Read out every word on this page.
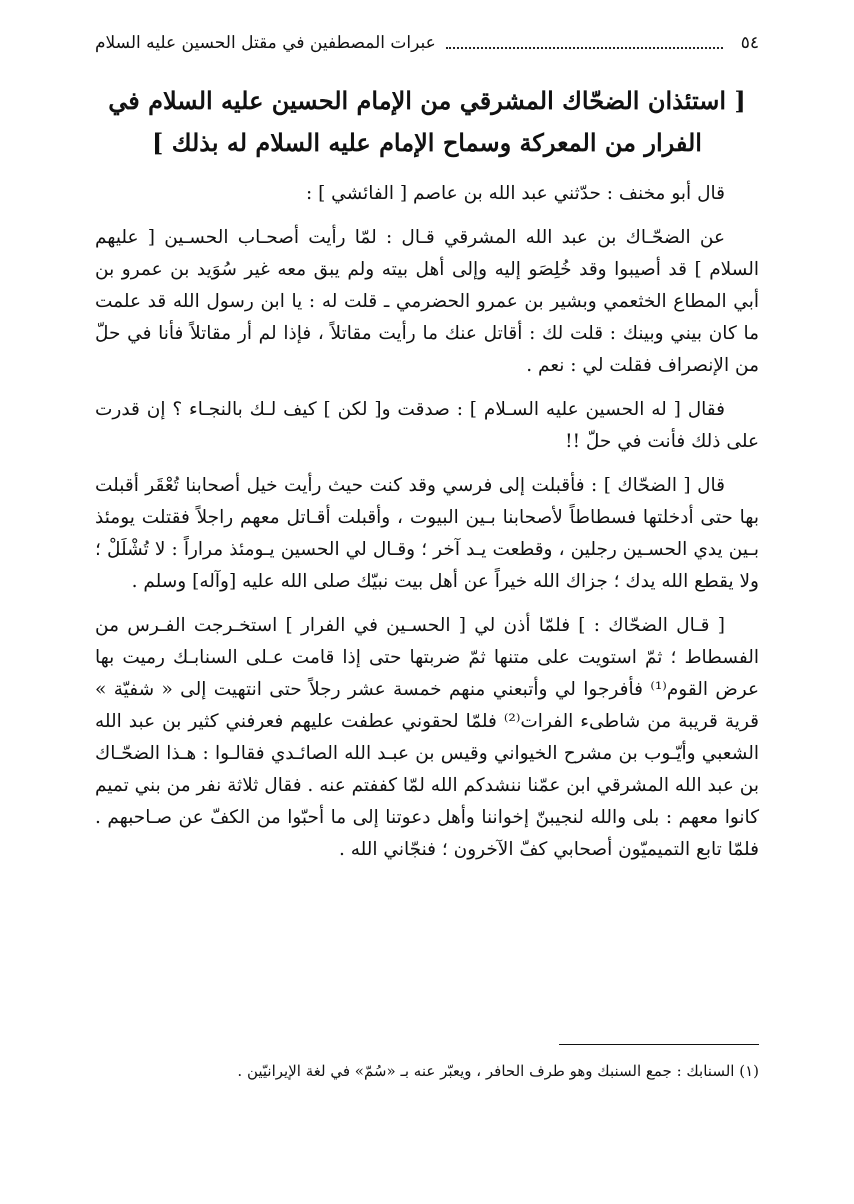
٥٤
عبرات المصطفين في مقتل الحسين عليه السلام
[ استئذان الضحّاك المشرقي من الإمام الحسين عليه السلام في الفرار من المعركة وسماح الإمام عليه السلام له بذلك ]

قال أبو مخنف : حدّثني عبد الله بن عاصم [ الفائشي ] :

عن الضحّـاك بن عبد الله المشرقي قـال : لمّا رأيت أصحـاب الحسـين [ عليهم السلام ] قد أصيبوا وقد خُلِصَو إليه وإلى أهل بيته ولم يبق معه غير سُوَيد بن عمرو بن أبي المطاع الخثعمي وبشير بن عمرو الحضرمي ـ قلت له : يا ابن رسول الله قد علمت ما كان بيني وبينك : قلت لك : أقاتل عنك ما رأيت مقاتلاً ، فإذا لم أر مقاتلاً فأنا في حلّ من الإنصراف فقلت لي : نعم .

فقال [ له الحسين عليه السـلام ] : صدقت و[ لكن ] كيف لـك بالنجـاء ؟ إن قدرت على ذلك فأنت في حلّ !!

قال [ الضحّاك ] : فأقبلت إلى فرسي وقد كنت حيث رأيت خيل أصحابنا تُعْقَر أقبلت بها حتى أدخلتها فسطاطاً لأصحابنا بـين البيوت ، وأقبلت أقـاتل معهم راجلاً فقتلت يومئذ بـين يدي الحسـين رجلين ، وقطعت يـد آخر ؛ وقـال لي الحسين يـومئذ مراراً : لا تُشْلَلْ ؛ ولا يقطع الله يدك ؛ جزاك الله خيراً عن أهل بيت نبيّك صلى الله عليه [وآله] وسلم .

[ قـال الضحّاك : ] فلمّا أذن لي [ الحسـين في الفرار ] استخـرجت الفـرس من الفسطاط ؛ ثمّ استويت على متنها ثمّ ضربتها حتى إذا قامت عـلى السنابـك رميت بها عرض القوم⁽¹⁾ فأفرجوا لي وأتبعني منهم خمسة عشر رجلاً حتى انتهيت إلى « شفيّة » قرية قريبة من شاطىء الفرات⁽²⁾ فلمّا لحقوني عطفت عليهم فعرفني كثير بن عبد الله الشعبي وأيّـوب بن مشرح الخيواني وقيس بن عبـد الله الصائـدي فقالـوا : هـذا الضحّـاك بن عبد الله المشرقي ابن عمّنا ننشدكم الله لمّا كففتم عنه . فقال ثلاثة نفر من بني تميم كانوا معهم : بلى والله لنجيبنّ إخواننا وأهل دعوتنا إلى ما أحبّوا من الكفّ عن صـاحبهم . فلمّا تابع التميميّون أصحابي كفّ الآخرون ؛ فنجّاني الله .

(١) السنابك : جمع السنبك وهو طرف الحافر ، ويعبّر عنه بـ «سُمّ» في لغة الإيرانيّين .
